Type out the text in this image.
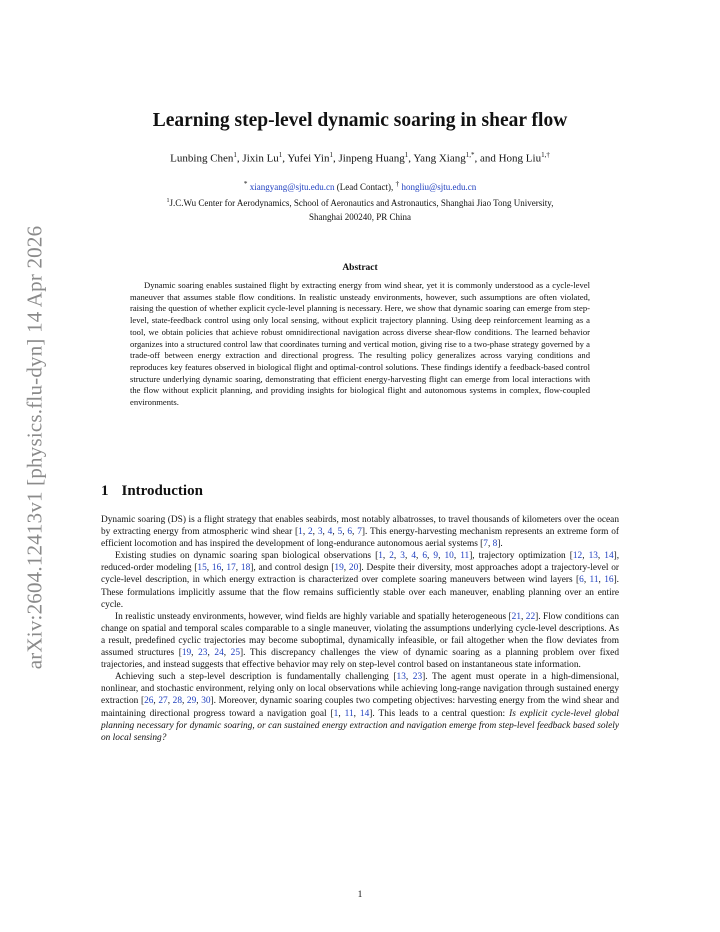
arXiv:2604.12413v1 [physics.flu-dyn] 14 Apr 2026
Learning step-level dynamic soaring in shear flow
Lunbing Chen$^1$, Jixin Lu$^1$, Yufei Yin$^1$, Jinpeng Huang$^1$, Yang Xiang$^{1,*}$, and Hong Liu$^{1,\dagger}$
* xiangyang@sjtu.edu.cn (Lead Contact), † hongliu@sjtu.edu.cn
$^1$J.C.Wu Center for Aerodynamics, School of Aeronautics and Astronautics, Shanghai Jiao Tong University,
Shanghai 200240, PR China
Abstract

Dynamic soaring enables sustained flight by extracting energy from wind shear, yet it is commonly understood as a cycle-level maneuver that assumes stable flow conditions. In realistic unsteady environments, however, such assumptions are often violated, raising the question of whether explicit cycle-level planning is necessary. Here, we show that dynamic soaring can emerge from step-level, state-feedback control using only local sensing, without explicit trajectory planning. Using deep reinforcement learning as a tool, we obtain policies that achieve robust omnidirectional navigation across diverse shear-flow conditions. The learned behavior organizes into a structured control law that coordinates turning and vertical motion, giving rise to a two-phase strategy governed by a trade-off between energy extraction and directional progress. The resulting policy generalizes across varying conditions and reproduces key features observed in biological flight and optimal-control solutions. These findings identify a feedback-based control structure underlying dynamic soaring, demonstrating that efficient energy-harvesting flight can emerge from local interactions with the flow without explicit planning, and providing insights for biological flight and autonomous systems in complex, flow-coupled environments.

1 Introduction

Dynamic soaring (DS) is a flight strategy that enables seabirds, most notably albatrosses, to travel thousands of kilometers over the ocean by extracting energy from atmospheric wind shear [1, 2, 3, 4, 5, 6, 7]. This energy-harvesting mechanism represents an extreme form of efficient locomotion and has inspired the development of long-endurance autonomous aerial systems [7, 8].

Existing studies on dynamic soaring span biological observations [1, 2, 3, 4, 6, 9, 10, 11], trajectory optimization [12, 13, 14], reduced-order modeling [15, 16, 17, 18], and control design [19, 20]. Despite their diversity, most approaches adopt a trajectory-level or cycle-level description, in which energy extraction is characterized over complete soaring maneuvers between wind layers [6, 11, 16]. These formulations implicitly assume that the flow remains sufficiently stable over each maneuver, enabling planning over an entire cycle.

In realistic unsteady environments, however, wind fields are highly variable and spatially heterogeneous [21, 22]. Flow conditions can change on spatial and temporal scales comparable to a single maneuver, violating the assumptions underlying cycle-level descriptions. As a result, predefined cyclic trajectories may become suboptimal, dynamically infeasible, or fail altogether when the flow deviates from assumed structures [19, 23, 24, 25]. This discrepancy challenges the view of dynamic soaring as a planning problem over fixed trajectories, and instead suggests that effective behavior may rely on step-level control based on instantaneous state information.

Achieving such a step-level description is fundamentally challenging [13, 23]. The agent must operate in a high-dimensional, nonlinear, and stochastic environment, relying only on local observations while achieving long-range navigation through sustained energy extraction [26, 27, 28, 29, 30]. Moreover, dynamic soaring couples two competing objectives: harvesting energy from the wind shear and maintaining directional progress toward a navigation goal [1, 11, 14]. This leads to a central question: Is explicit cycle-level global planning necessary for dynamic soaring, or can sustained energy extraction and navigation emerge from step-level feedback based solely on local sensing?

1
